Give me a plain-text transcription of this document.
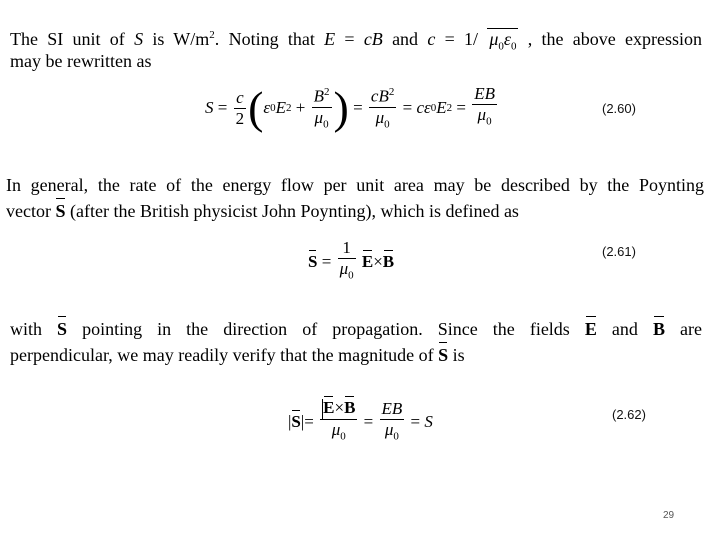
The SI unit of S is $W/m^2$. Noting that E = cB and c = 1/ $\mu_0\varepsilon_0$ , the above expression
may be rewritten as
$S = \frac{c}{2}$ ( ε 0 E $2 + \frac{B^2}{\mu_0}$ ) = $\frac{cB^2}{\mu_0} = c\varepsilon$ 0 E $2 = \frac{EB}{\mu_0}$	(2.60)
In general, the rate of the energy flow per unit area may be described by the Poynting
vector S (after the British physicist John Poynting), which is defined as
$S = \frac{1}{\mu_0}$
E × B
(2.61)
with S pointing in the direction of propagation. Since the fields E and B are
perpendicular, we may readily verify that the magnitude of S is
| S |= $\frac{E\times B}{\mu_0} = \frac{EB}{\mu_0} = S$	(2.62)
29
